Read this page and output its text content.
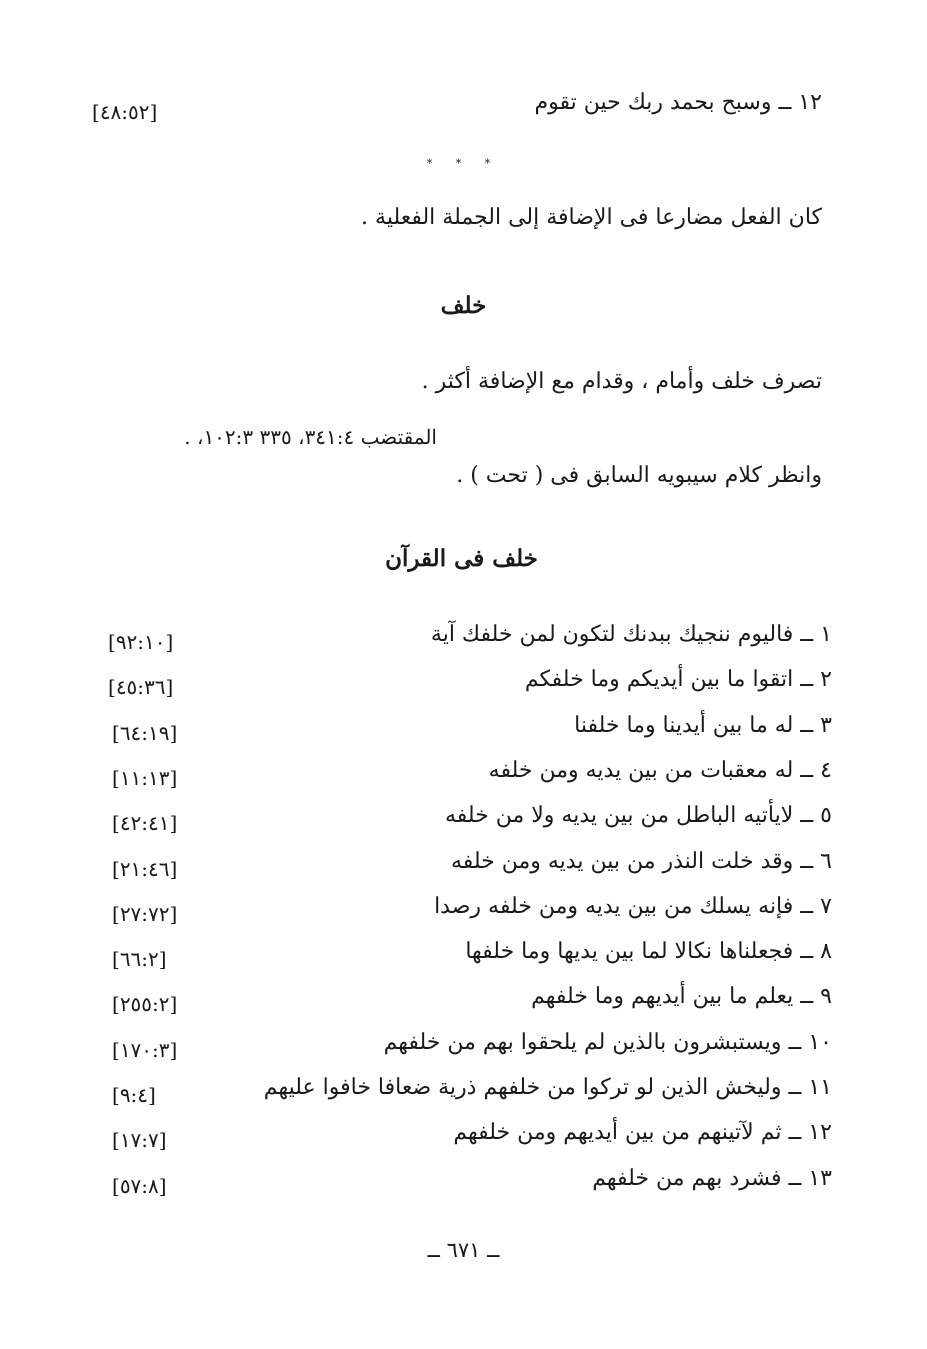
١٢ ــ وسبح بحمد ربك حين تقوم
[٤٨:٥٢]
* * *
كان الفعل مضارعا فى الإضافة إلى الجملة الفعلية .
خلف
تصرف خلف وأمام ، وقدام مع الإضافة أكثر .
المقتضب ٣٤١:٤، ٣٣٥ ١٠٢:٣، .
وانظر كلام سيبويه السابق فى ( تحت ) .
خلف فى القرآن
١ ــ فاليوم ننجيك ببدنك لتكون لمن خلفك آية
[٩٢:١٠]
٢ ــ اتقوا ما بين أيديكم وما خلفكم
[٤٥:٣٦]
٣ ــ له ما بين أيدينا وما خلفنا
[٦٤:١٩]
٤ ــ له معقبات من بين يديه ومن خلفه
[١١:١٣]
٥ ــ لايأتيه الباطل من بين يديه ولا من خلفه
[٤٢:٤١]
٦ ــ وقد خلت النذر من بين يديه ومن خلفه
[٢١:٤٦]
٧ ــ فإنه يسلك من بين يديه ومن خلفه رصدا
[٢٧:٧٢]
٨ ــ فجعلناها نكالا لما بين يديها وما خلفها
[٦٦:٢]
٩ ــ يعلم ما بين أيديهم وما خلفهم
[٢٥٥:٢]
١٠ ــ ويستبشرون بالذين لم يلحقوا بهم من خلفهم
[١٧٠:٣]
١١ ــ وليخش الذين لو تركوا من خلفهم ذرية ضعافا خافوا عليهم
[٩:٤]
١٢ ــ ثم لآتينهم من بين أيديهم ومن خلفهم
[١٧:٧]
١٣ ــ فشرد بهم من خلفهم
[٥٧:٨]
ــ ٦٧١ ــ
